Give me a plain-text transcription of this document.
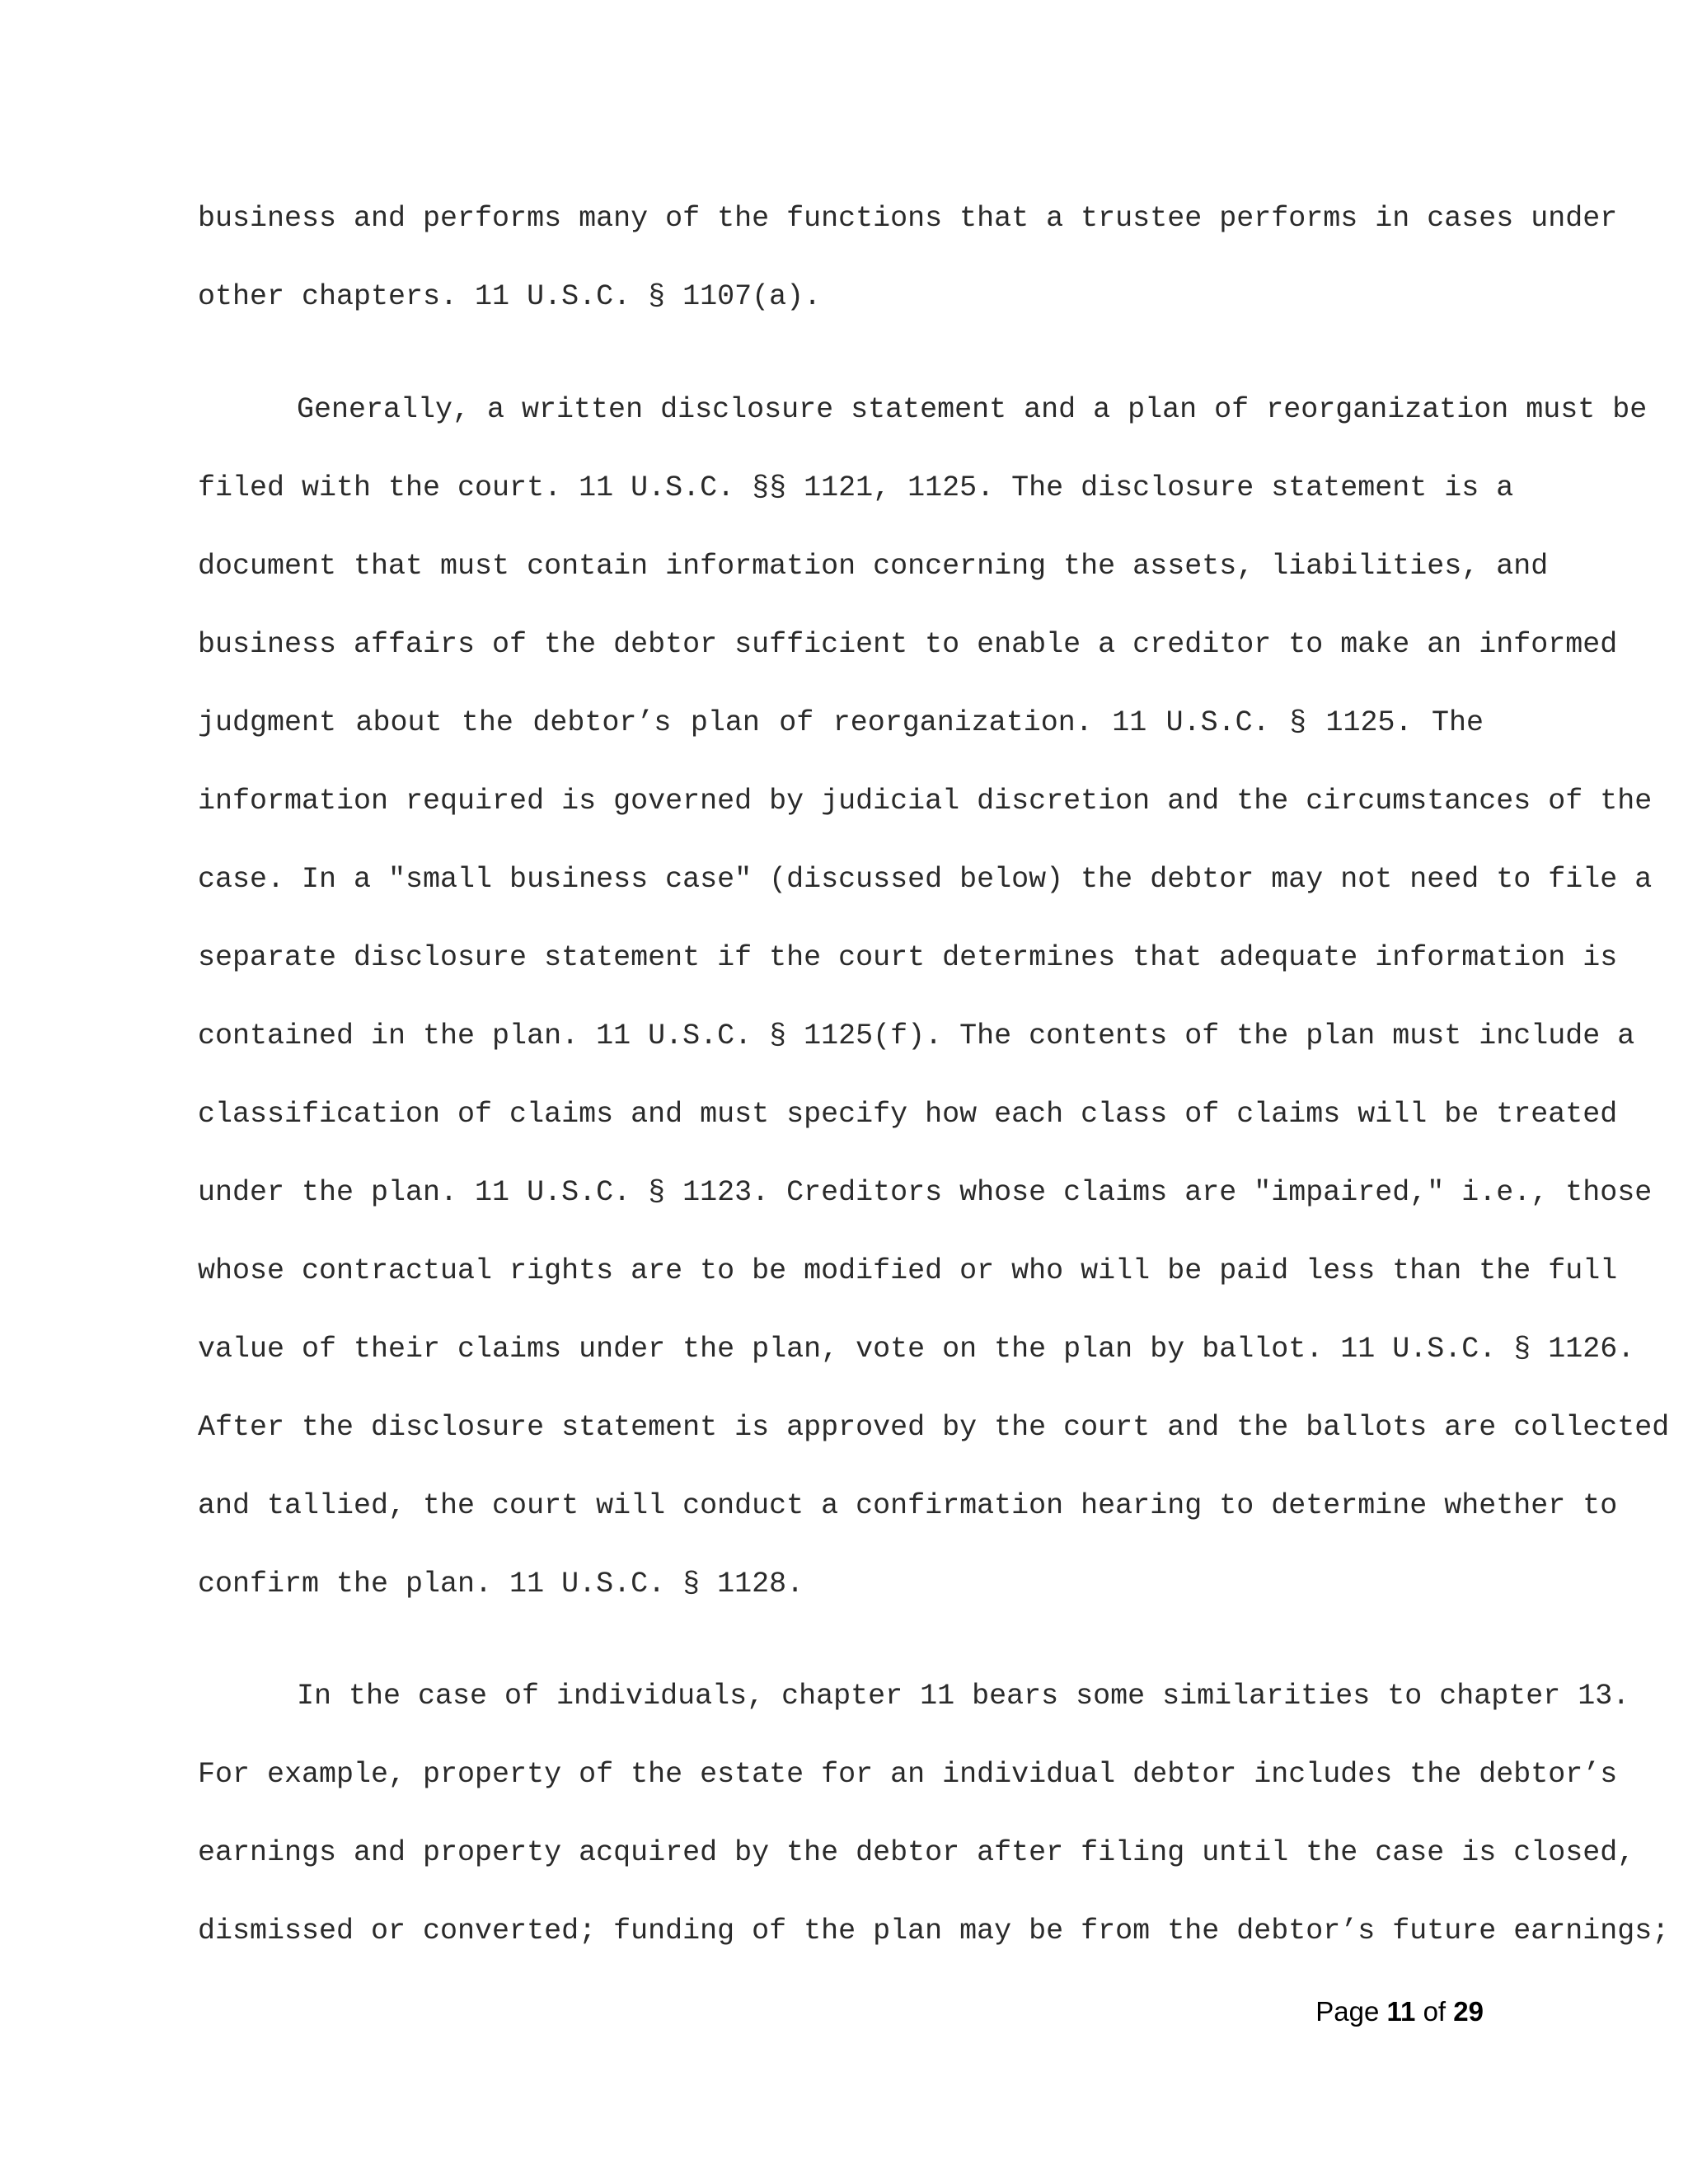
business and performs many of the functions that a trustee performs in cases under
other chapters. 11 U.S.C. § 1107(a).
Generally, a written disclosure statement and a plan of reorganization must be
filed with the court. 11 U.S.C. §§ 1121, 1125. The disclosure statement is a
document that must contain information concerning the assets, liabilities, and
business affairs of the debtor sufficient to enable a creditor to make an informed
judgment about the debtor’s plan of reorganization. 11 U.S.C. § 1125. The
information required is governed by judicial discretion and the circumstances of the
case. In a "small business case" (discussed below) the debtor may not need to file a
separate disclosure statement if the court determines that adequate information is
contained in the plan. 11 U.S.C. § 1125(f). The contents of the plan must include a
classification of claims and must specify how each class of claims will be treated
under the plan. 11 U.S.C. § 1123. Creditors whose claims are "impaired," i.e., those
whose contractual rights are to be modified or who will be paid less than the full
value of their claims under the plan, vote on the plan by ballot. 11 U.S.C. § 1126.
After the disclosure statement is approved by the court and the ballots are collected
and tallied, the court will conduct a confirmation hearing to determine whether to
confirm the plan. 11 U.S.C. § 1128.
In the case of individuals, chapter 11 bears some similarities to chapter 13.
For example, property of the estate for an individual debtor includes the debtor’s
earnings and property acquired by the debtor after filing until the case is closed,
dismissed or converted; funding of the plan may be from the debtor’s future earnings;
Page 11 of 29
